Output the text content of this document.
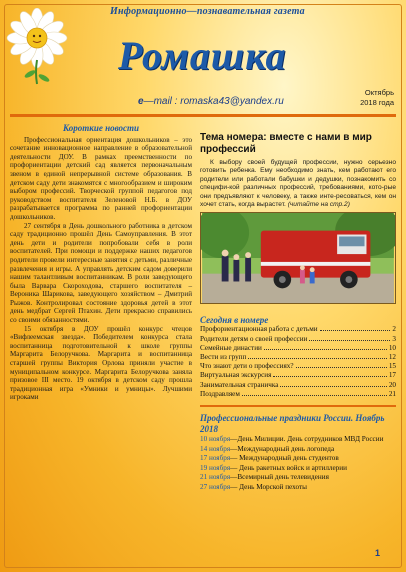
Информационно—познавательная газета
Ромашка
Октябрь
2018 года
e—mail : romaska43@yandex.ru
Короткие новости

Профессиональная ориентация дошкольников – это сочетание инновационное направление в образовательной деятельности ДОУ. В рамках преемственности по профориентации детский сад является первоначальным звеном в единой непрерывной системе образования. В детском саду дети знакомятся с многообразием и широким выбором профессий. Творческой группой педагогов под руководством воспитателя Зеленовой Н.Б. в ДОУ разрабатывается программа по ранней профориентации дошкольников.

27 сентября в День дошкольного работника в детском саду традиционно прошёл День Самоуправления. В этот день дети и родители попробовали себя в роли воспитателей. При помощи и поддержке наших педагогов родители провели интересные занятия с детьми, различные развлечения и игры. А управлять детским садом доверили нашим талантливым воспитанникам. В роли заведующего была Варвара Скороходова, старшего воспитателя – Вероника Шарикова, заведующего хозяйством – Дмитрий Рыжов. Контролировал состояние здоровья детей в этот день медбрат Сергей Птахин. Дети прекрасно справились со своими обязанностями.

15 октября в ДОУ прошёл конкурс чтецов «Вифлеемская звезда». Победителем конкурса стала воспитанница подготовительной к школе группы Маргарита Белоручкова. Маргарита и воспитанница старшей группы Виктория Орлова приняли участие в муниципальном конкурсе. Маргарита Белоручкова заняла призовое III место. 19 октября в детском саду прошла традиционная игра «Умники и умницы». Лучшими игроками

Тема номера: вместе с нами в мир профессий
К выбору своей будущей профессии, нужно серьезно готовить ребенка. Ему необходимо знать, кем работают его родители или работали бабушки и дедушки, познакомить со специфи-кой различных профессий, требованиями, кото-рые они предъявляют к человеку, а также инте-ресоваться, кем он хочет стать, когда вырастет. (читайте на стр.2)
Сегодня в номере
Профориентационная работа с детьми	2
Родители детям о своей профессии	3
Семейные династии	10
Вести из групп	12
Что знают дети о профессиях?	15
Виртуальная экскурсия	17
Занимательная страничка	20
Поздравляем	21
Профессиональные праздники России. Ноябрь 2018
10 ноября—День Милиции. День сотрудников МВД России
14 ноября—Международный день логопеда
17 ноября— Международный день студентов
19 ноября— День ракетных войск и артиллерии
21 ноября—Всемирный день телевидения
27 ноября— День Морской пехоты
1
